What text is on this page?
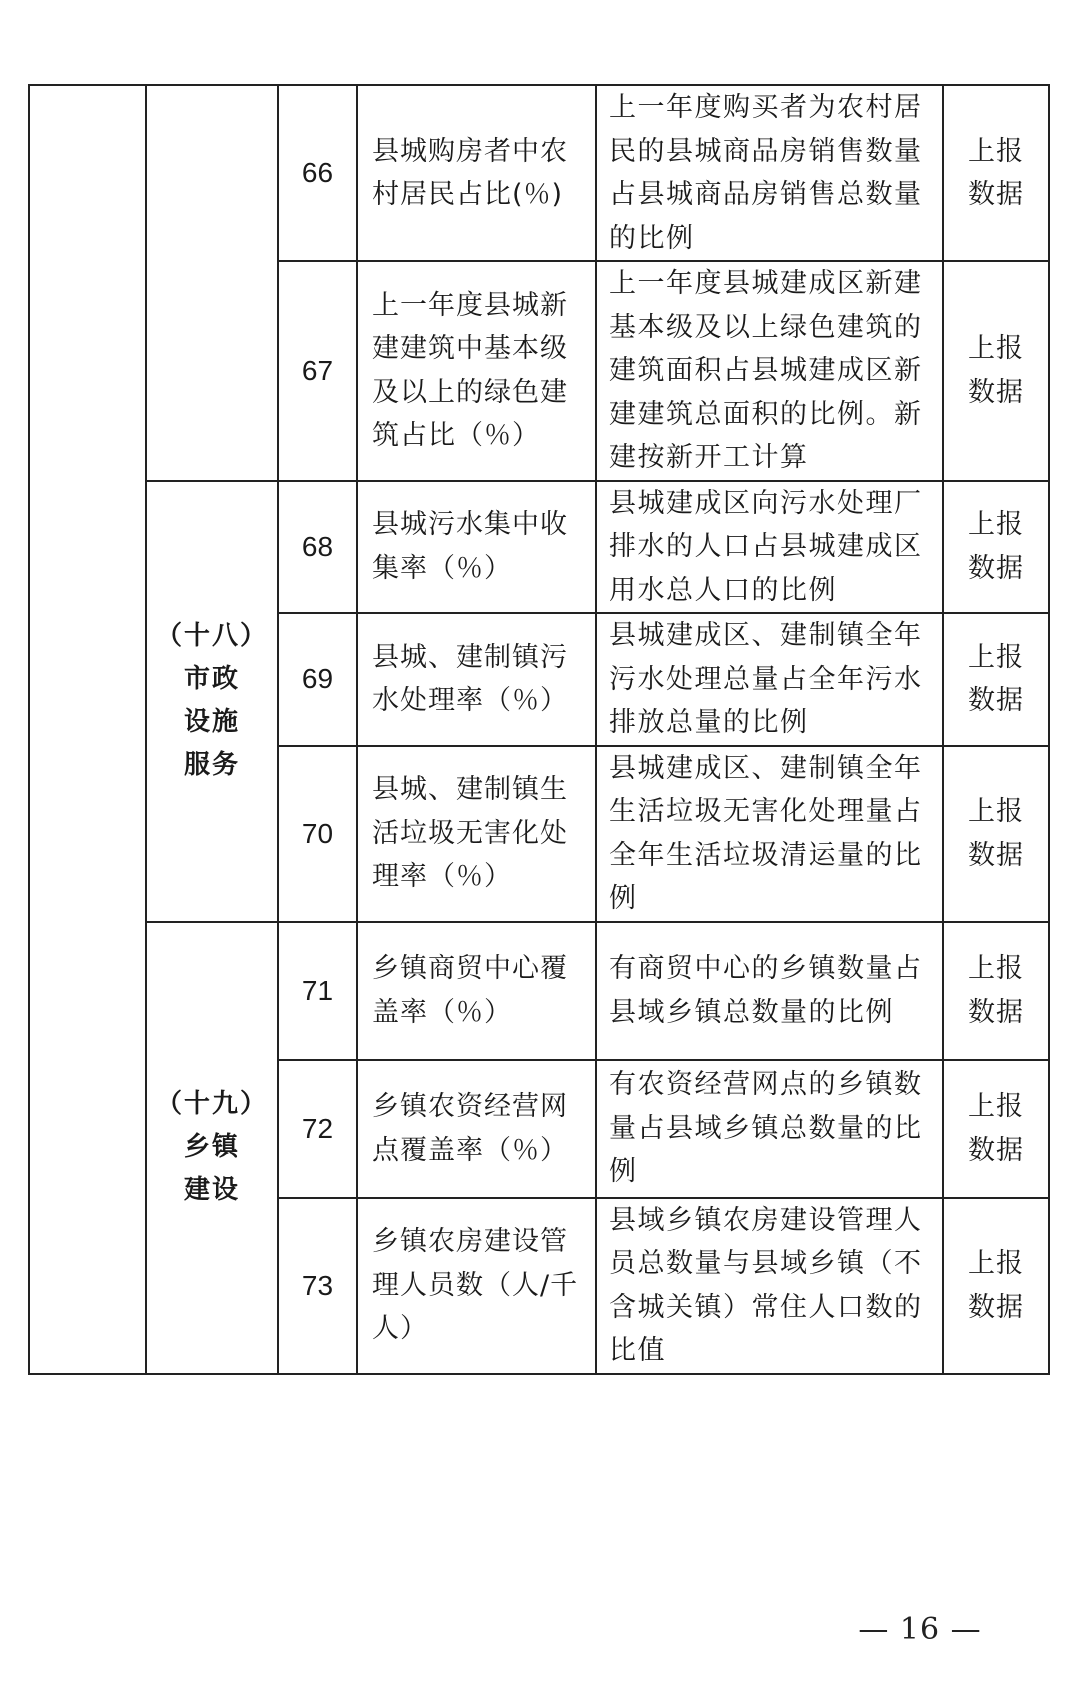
		66	县城购房者中农村居民占比(％)	上一年度购买者为农村居民的县城商品房销售数量占县城商品房销售总数量的比例	上报
数据

		67	上一年度县城新建建筑中基本级及以上的绿色建筑占比（％）	上一年度县城建成区新建基本级及以上绿色建筑的建筑面积占县城建成区新建建筑总面积的比例。新建按新开工计算	上报
数据

	（十八）
市政
设施
服务	68	县城污水集中收集率（％）	县城建成区向污水处理厂排水的人口占县城建成区用水总人口的比例	上报
数据

		69	县城、建制镇污水处理率（％）	县城建成区、建制镇全年污水处理总量占全年污水排放总量的比例	上报
数据

		70	县城、建制镇生活垃圾无害化处理率（％）	县城建成区、建制镇全年生活垃圾无害化处理量占全年生活垃圾清运量的比例	上报
数据

	（十九）
乡镇
建设	71	乡镇商贸中心覆盖率（％）	有商贸中心的乡镇数量占县域乡镇总数量的比例	上报
数据

		72	乡镇农资经营网点覆盖率（％）	有农资经营网点的乡镇数量占县域乡镇总数量的比例	上报
数据

		73	乡镇农房建设管理人员数（人/千人）	县域乡镇农房建设管理人员总数量与县域乡镇（不含城关镇）常住人口数的比值	上报
数据
— 16 —
